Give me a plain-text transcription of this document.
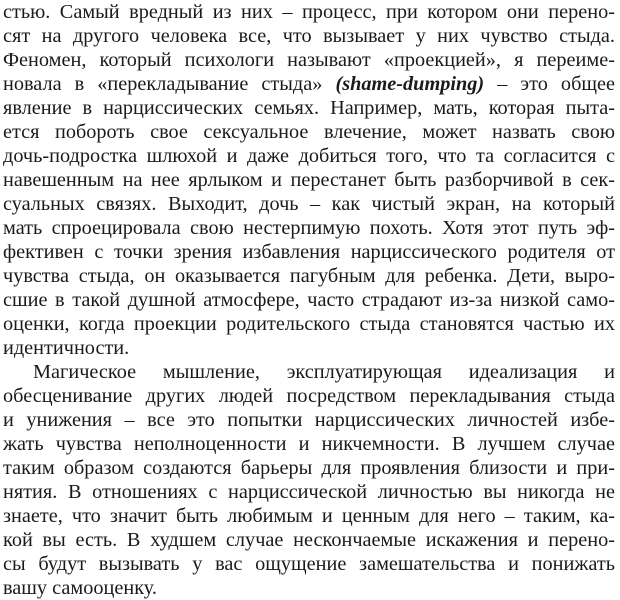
стью. Самый вредный из них – процесс, при котором они перено-
сят на другого человека все, что вызывает у них чувство стыда.
Феномен, который психологи называют «проекцией», я переиме-
новала в «перекладывание стыда» (shame-dumping) – это общее
явление в нарциссических семьях. Например, мать, которая пыта-
ется побороть свое сексуальное влечение, может назвать свою
дочь-подростка шлюхой и даже добиться того, что та согласится с
навешенным на нее ярлыком и перестанет быть разборчивой в сек-
суальных связях. Выходит, дочь – как чистый экран, на который
мать спроецировала свою нестерпимую похоть. Хотя этот путь эф-
фективен с точки зрения избавления нарциссического родителя от
чувства стыда, он оказывается пагубным для ребенка. Дети, выро-
сшие в такой душной атмосфере, часто страдают из-за низкой само-
оценки, когда проекции родительского стыда становятся частью их
идентичности.
Магическое мышление, эксплуатирующая идеализация и
обесценивание других людей посредством перекладывания стыда
и унижения – все это попытки нарциссических личностей избе-
жать чувства неполноценности и никчемности. В лучшем случае
таким образом создаются барьеры для проявления близости и при-
нятия. В отношениях с нарциссической личностью вы никогда не
знаете, что значит быть любимым и ценным для него – таким, ка-
кой вы есть. В худшем случае нескончаемые искажения и перено-
сы будут вызывать у вас ощущение замешательства и понижать
вашу самооценку.
